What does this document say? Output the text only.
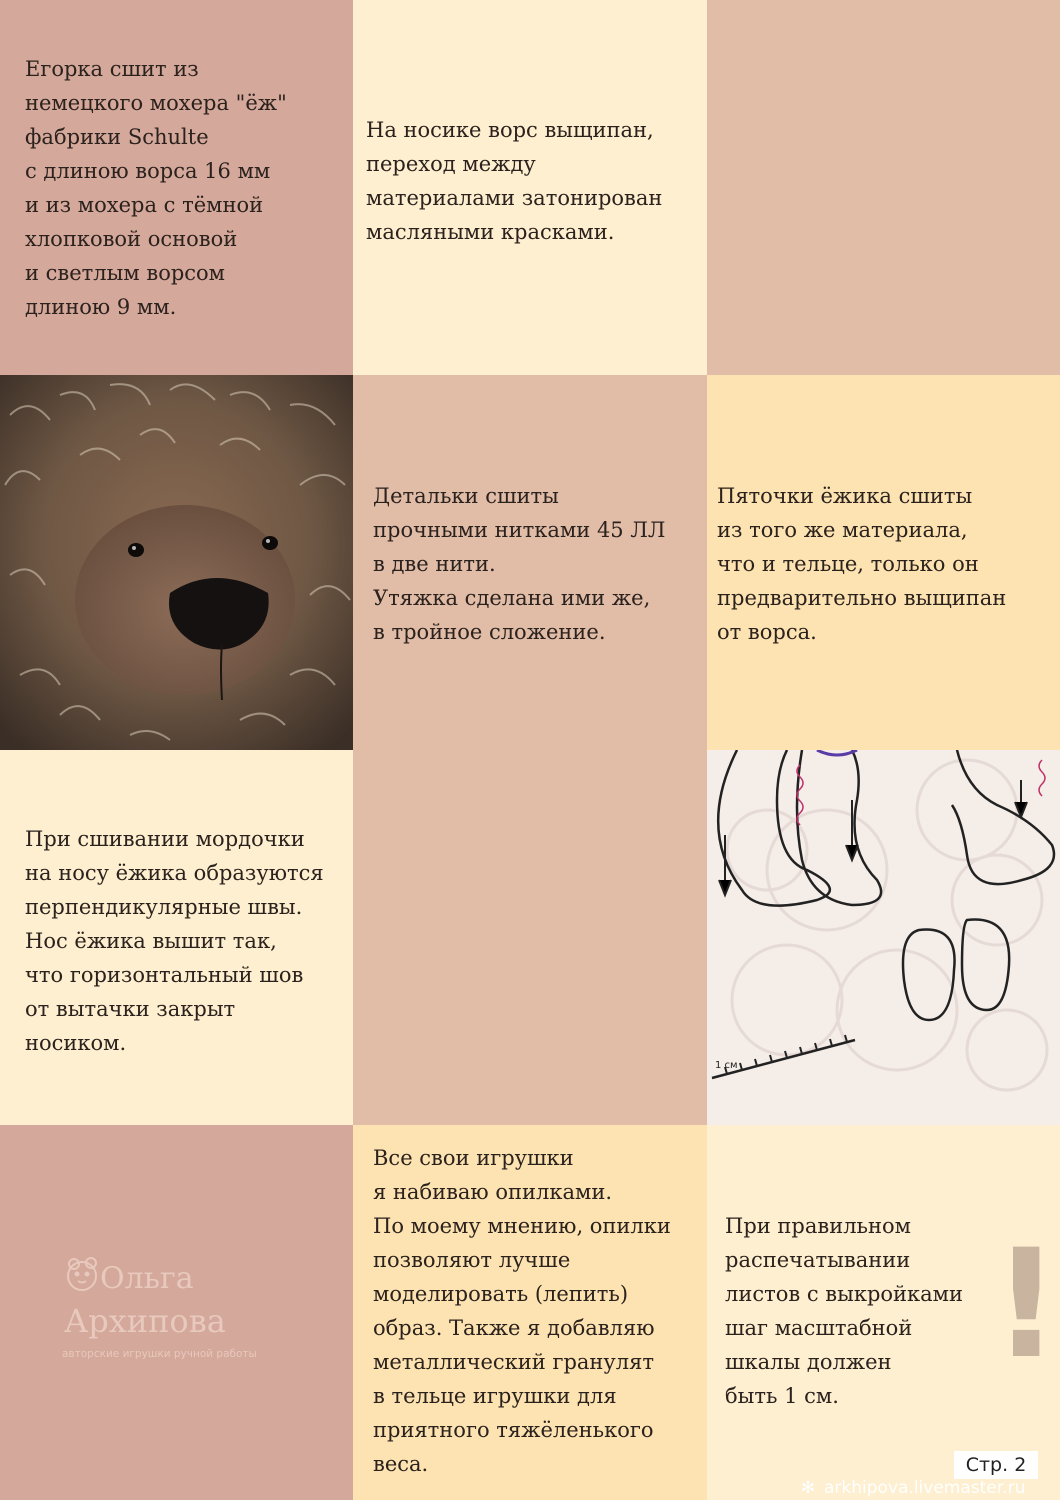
1 см
Егорка сшит из
немецкого мохера "ёж"
фабрики Schulte
с длиною ворса 16 мм
и из мохера с тёмной
хлопковой основой
и светлым ворсом
длиною 9 мм.
На носике ворс выщипан,
переход между
материалами затонирован
масляными красками.
Детальки сшиты
прочными нитками 45 ЛЛ
в две нити.
Утяжка сделана ими же,
в тройное сложение.
Пяточки ёжика сшиты
из того же материала,
что и тельце, только он
предварительно выщипан
от ворса.
При сшивании мордочки
на носу ёжика образуются
перпендикулярные швы.
Нос ёжика вышит так,
что горизонтальный шов
от вытачки закрыт
носиком.
Все свои игрушки
я набиваю опилками.
По моему мнению, опилки
позволяют лучше
моделировать (лепить)
образ. Также я добавляю
металлический гранулят
в тельце игрушки для
приятного тяжёленького
веса.
При правильном
распечатывании
листов с выкройками
шаг масштабной
шкалы должен
быть 1 см.
Ольга
Архипова
авторские игрушки ручной работы	!
Стр. 2
✻ arkhipova.livemaster.ru
